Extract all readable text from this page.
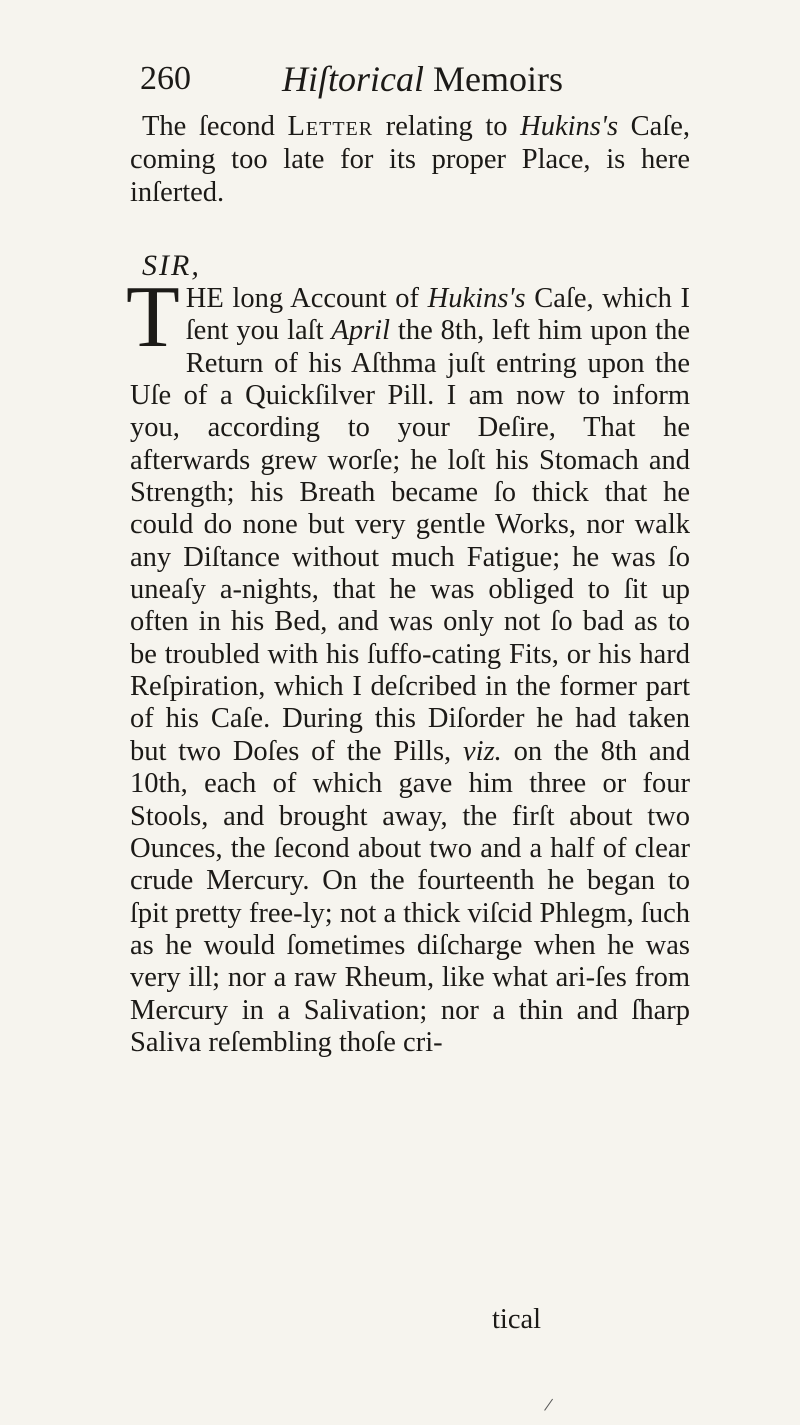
260	Hiſtorical Memoirs

The ſecond Letter relating to Hukins's Caſe, coming too late for its proper Place, is here inſerted.

SIR,

THE long Account of Hukins's Caſe, which I ſent you laſt April the 8th, left him upon the Return of his Aſthma juſt entring upon the Uſe of a Quickſilver Pill. I am now to inform you, according to your Deſire, That he afterwards grew worſe; he loſt his Stomach and Strength; his Breath became ſo thick that he could do none but very gentle Works, nor walk any Diſtance without much Fatigue; he was ſo uneaſy a-nights, that he was obliged to ſit up often in his Bed, and was only not ſo bad as to be troubled with his ſuffo-cating Fits, or his hard Reſpiration, which I deſcribed in the former part of his Caſe. During this Diſorder he had taken but two Doſes of the Pills, viz. on the 8th and 10th, each of which gave him three or four Stools, and brought away, the firſt about two Ounces, the ſecond about two and a half of clear crude Mercury. On the fourteenth he began to ſpit pretty free-ly; not a thick viſcid Phlegm, ſuch as he would ſometimes diſcharge when he was very ill; nor a raw Rheum, like what ari-ſes from Mercury in a Salivation; nor a thin and ſharp Saliva reſembling thoſe cri-

tical
